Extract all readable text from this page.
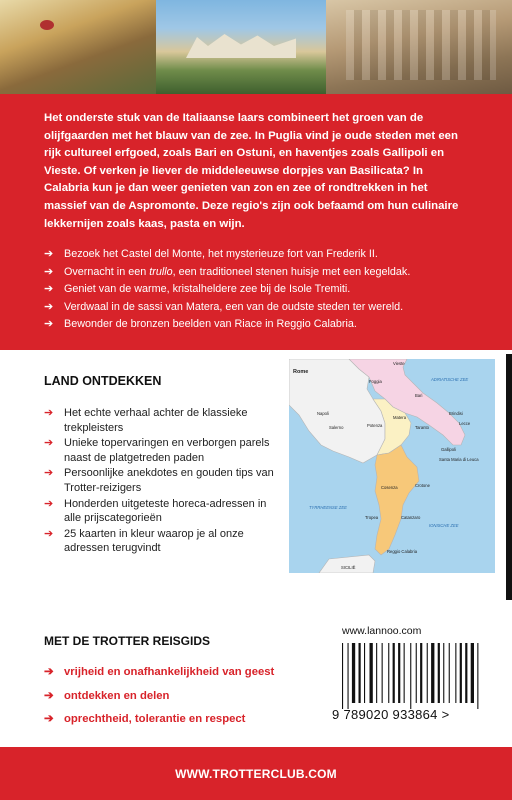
Het onderste stuk van de Italiaanse laars combineert het groen van de olijfgaarden met het blauw van de zee. In Puglia vind je oude steden met een rijk cultureel erfgoed, zoals Bari en Ostuni, en haventjes zoals Gallipoli en Vieste. Of verken je liever de middeleeuwse dorpjes van Basilicata? In Calabria kun je dan weer genieten van zon en zee of rondtrekken in het massief van de Aspromonte. Deze regio's zijn ook befaamd om hun culinaire lekkernijen zoals kaas, pasta en wijn.

➔ Bezoek het Castel del Monte, het mysterieuze fort van Frederik II.
➔ Overnacht in een trullo, een traditioneel stenen huisje met een kegeldak.
➔ Geniet van de warme, kristalheldere zee bij de Isole Tremiti.
➔ Verdwaal in de sassi van Matera, een van de oudste steden ter wereld.
➔ Bewonder de bronzen beelden van Riace in Reggio Calabria.
LAND ONTDEKKEN
➔ Het echte verhaal achter de klassieke trekpleisters
➔ Unieke topervaringen en verborgen parels naast de platgetreden paden
➔ Persoonlijke anekdotes en gouden tips van Trotter-reizigers
➔ Honderden uitgeteste horeca-adressen in alle prijscategorieën
➔ 25 kaarten in kleur waarop je al onze adressen terugvindt
ADRIATISCHE ZEE
TYRRHEENSE ZEE
IONISCHE ZEE
Rome
Vieste
Foggia
Bari
Brindisi
Lecce
Taranto
Gallipoli
Santa Maria di Leuca
Napoli
Salerno	Potenza
Matera
Cosenza	Crotone
Tropea	Catanzaro
Reggio Calabria
SICILIË
MET DE TROTTER REISGIDS
➔ vrijheid en onafhankelijkheid van geest
➔ ontdekken en delen
➔ oprechtheid, tolerantie en respect
www.lannoo.com
9 789020 933864 >
WWW.TROTTERCLUB.COM
